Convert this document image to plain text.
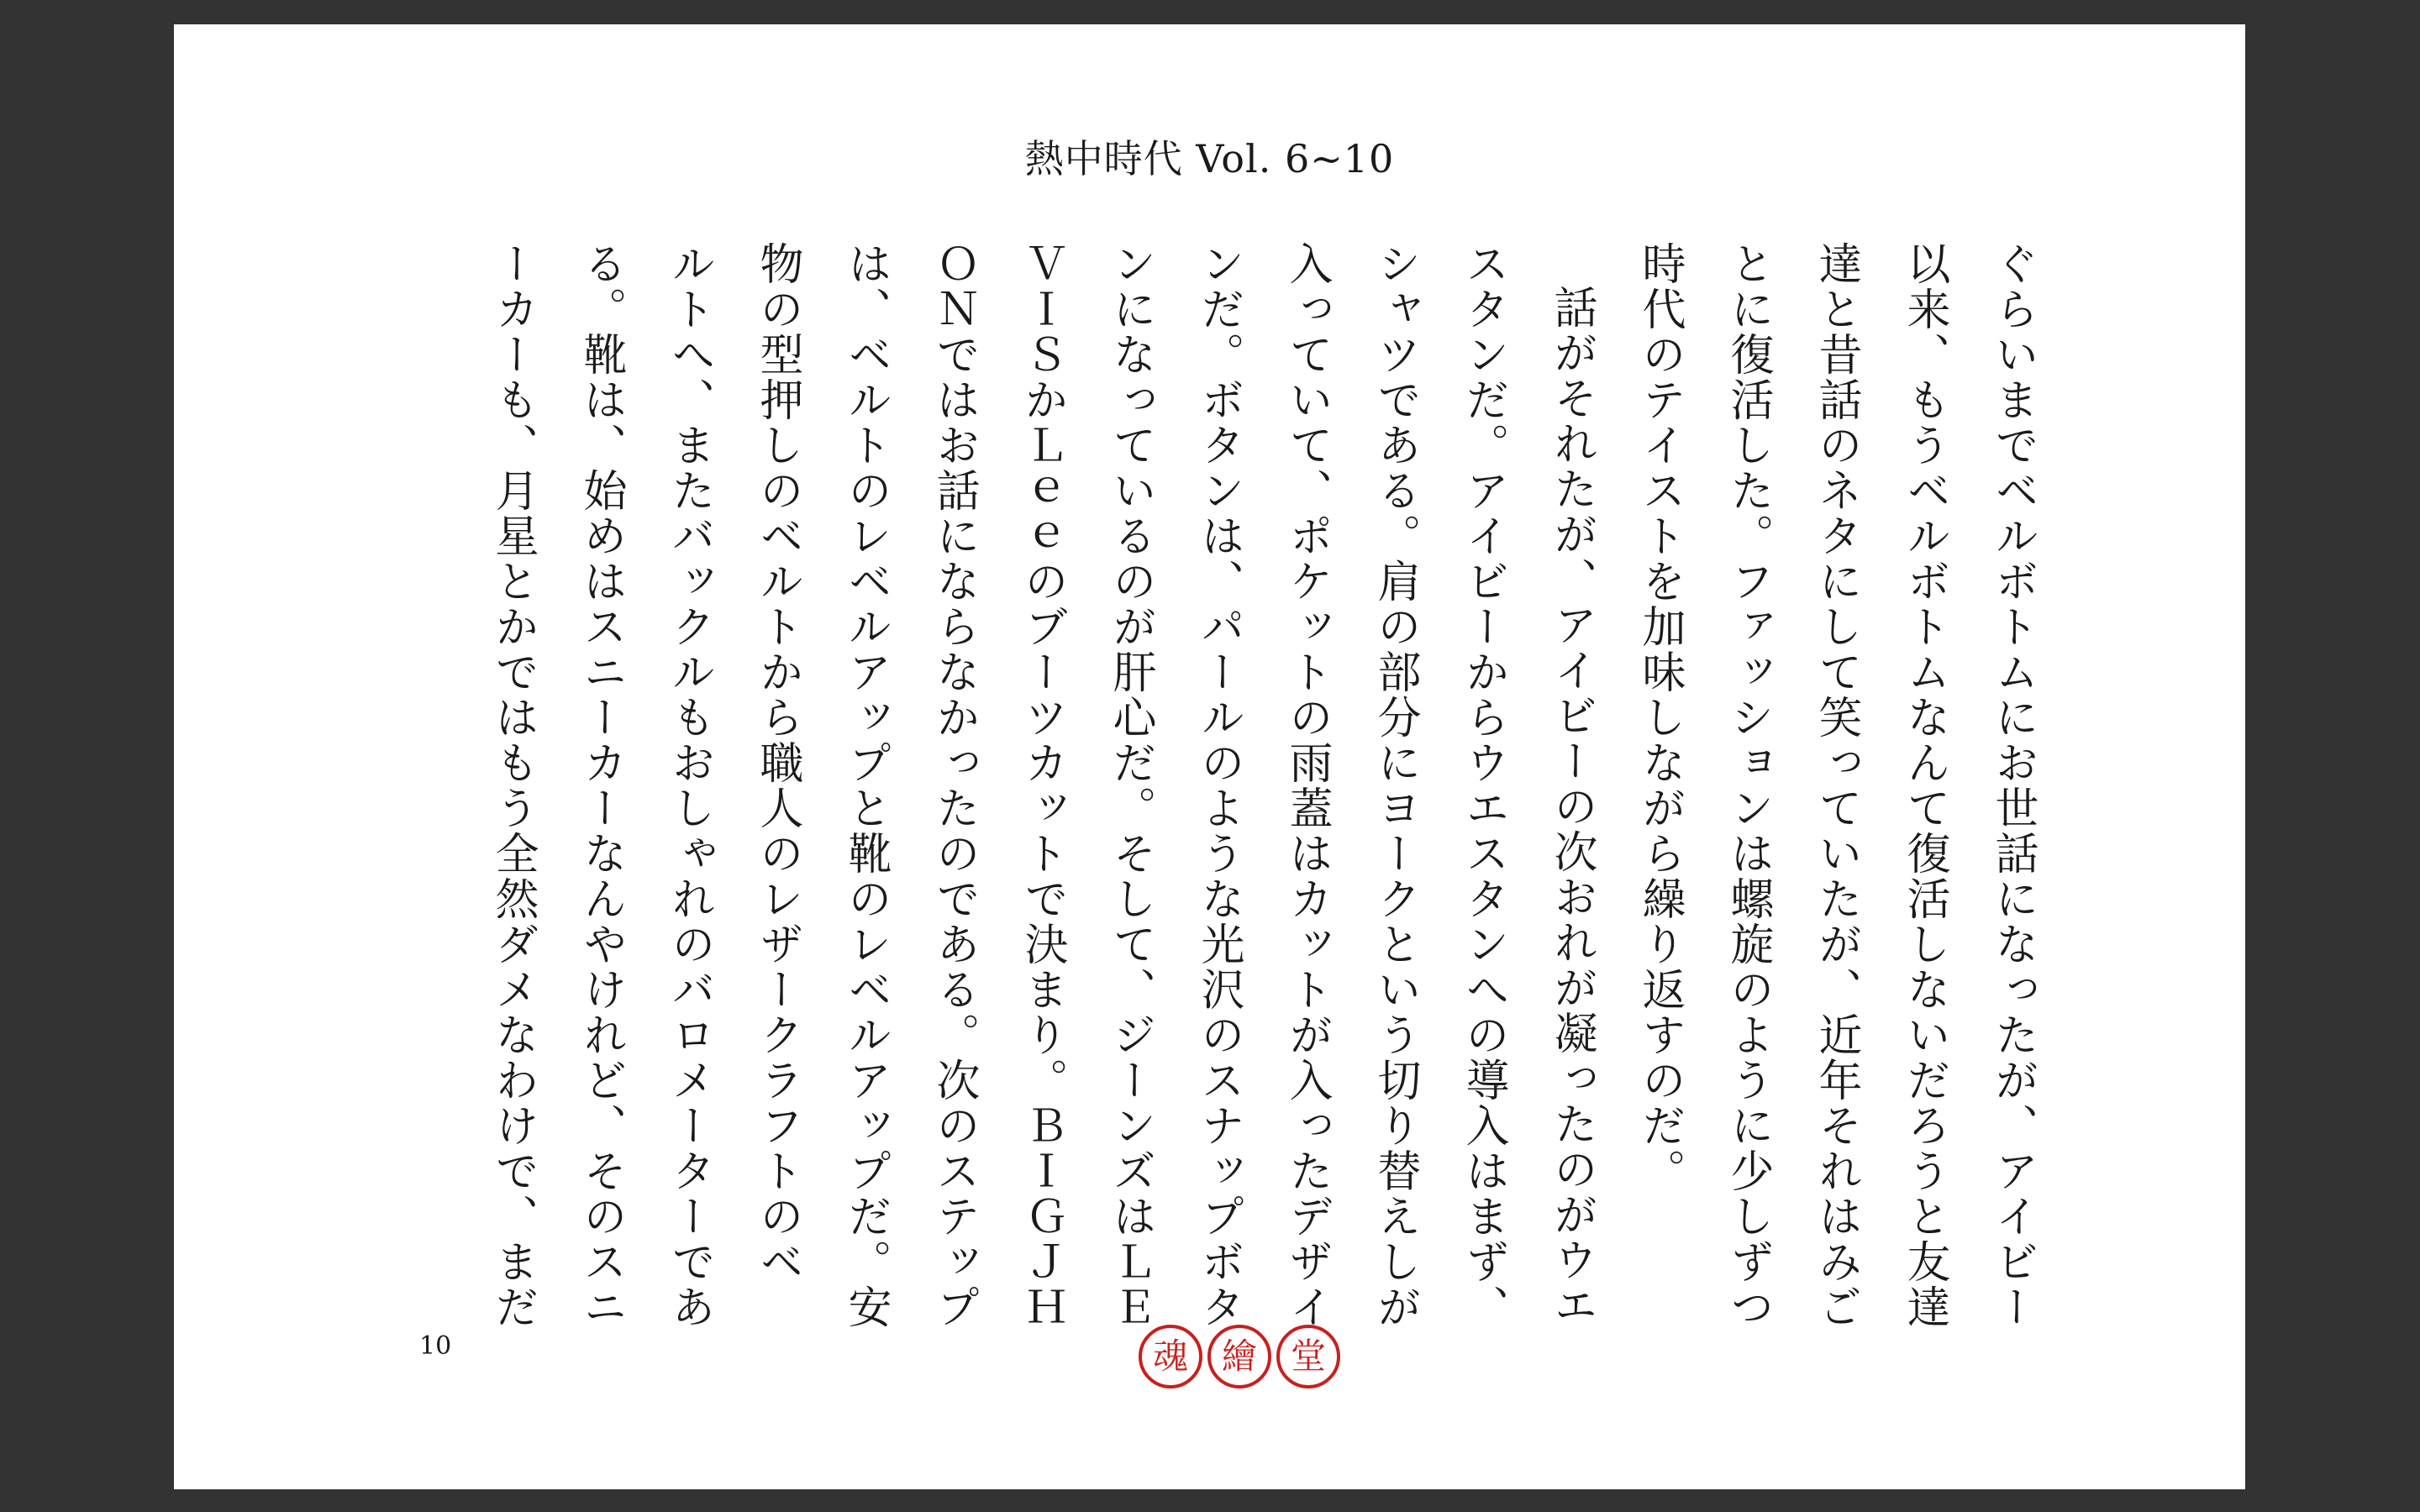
熱中時代 Vol. 6~10
ぐらいまでベルボトムにお世話になったが、アイビー
以来、もうベルボトムなんて復活しないだろうと友達
達と昔話のネタにして笑っていたが、近年それはみご
とに復活した。ファッションは螺旋のように少しずつ
時代のテイストを加味しながら繰り返すのだ。
話がそれたが、アイビーの次おれが凝ったのがウエ
スタンだ。アイビーからウエスタンへの導入はまず、
シャツである。肩の部分にヨークという切り替えしが
入っていて、ポケットの雨蓋はカットが入ったデザイ
ンだ。ボタンは、パールのような光沢のスナップボタ
ンになっているのが肝心だ。そして、ジーンズはＬＥ
ＶＩＳかＬｅｅのブーツカットで決まり。ＢＩＧＪＨ
ＯＮではお話にならなかったのである。次のステップ
は、ベルトのレベルアップと靴のレベルアップだ。安
物の型押しのベルトから職人のレザークラフトのベ
ルトへ、またバックルもおしゃれのバロメーターであ
る。靴は、始めはスニーカーなんやけれど、そのスニ
ーカーも、月星とかではもう全然ダメなわけで、まだ
10	魂 繪 堂
